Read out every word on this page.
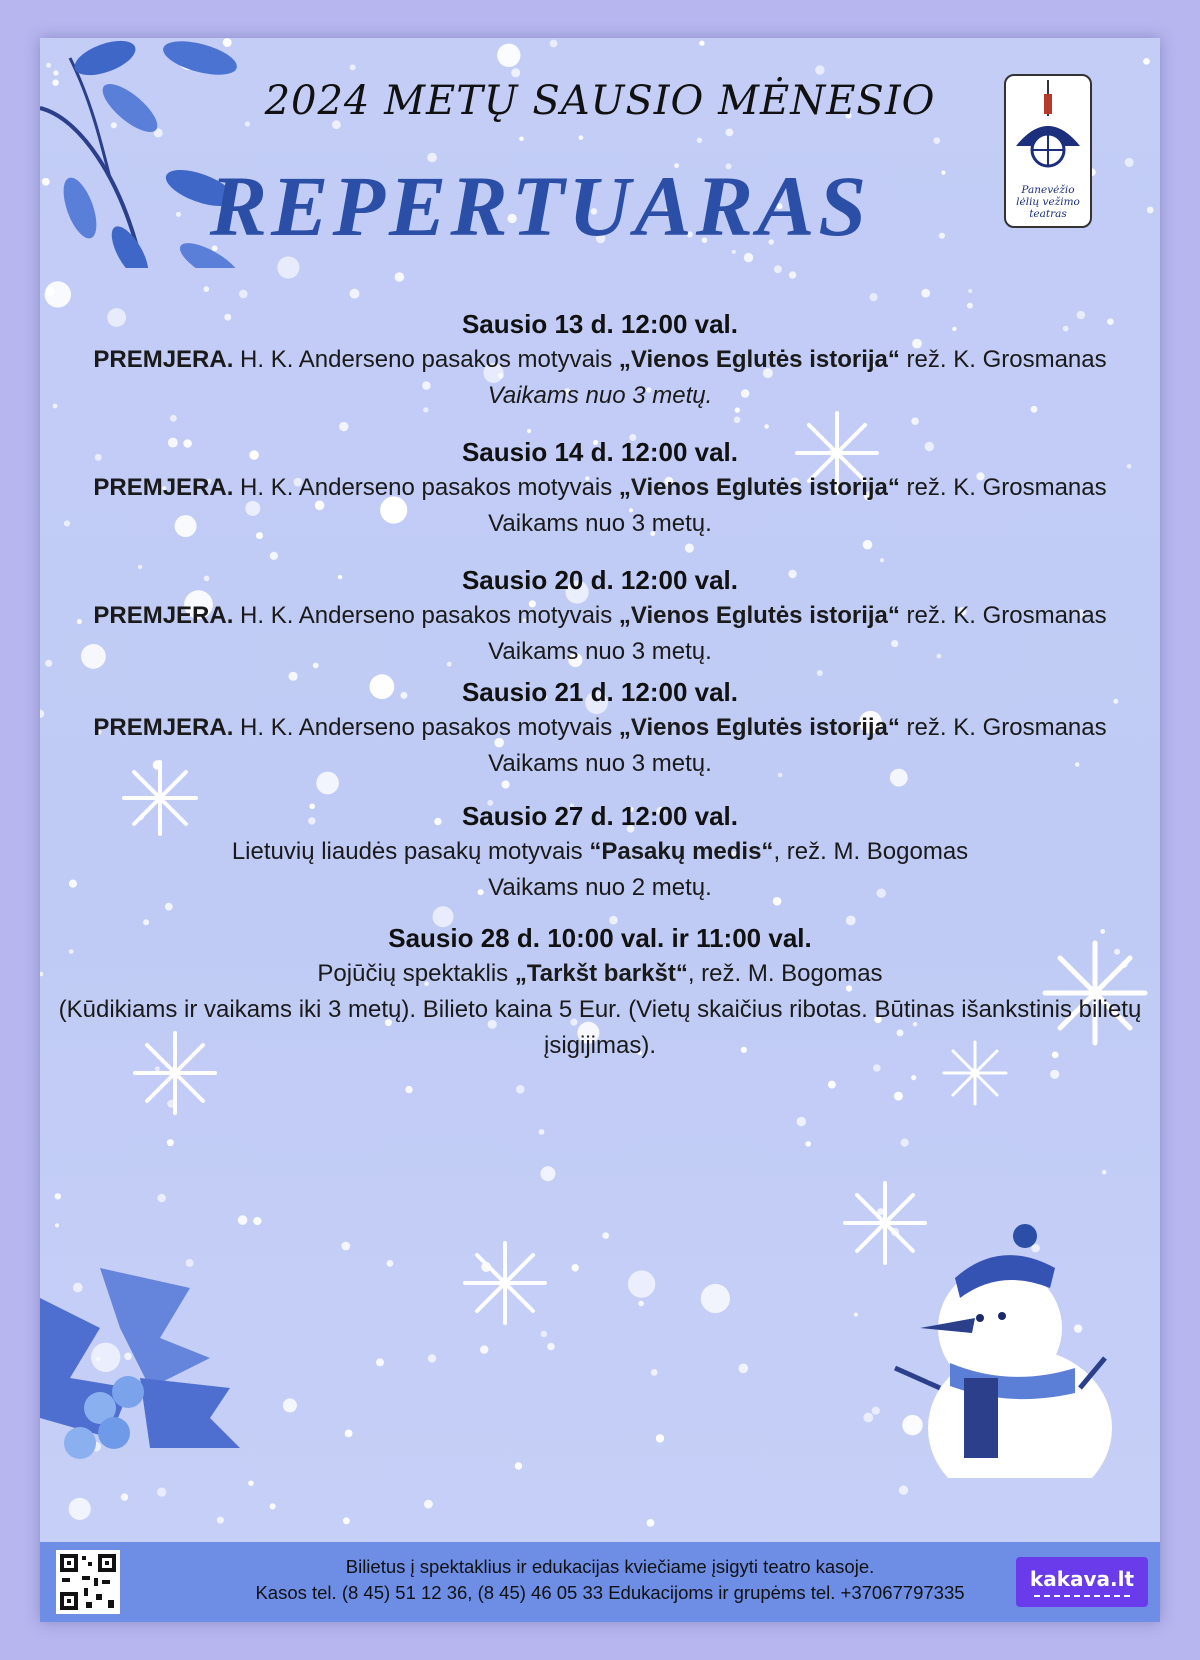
2024 METŲ SAUSIO MĖNESIO
REPERTUARAS	Panevėžio
lėlių vežimo
teatras
Sausio 13 d. 12:00 val.
PREMJERA. H. K. Anderseno pasakos motyvais „Vienos Eglutės istorija“ rež. K. Grosmanas
Vaikams nuo 3 metų.
Sausio 14 d. 12:00 val.
PREMJERA. H. K. Anderseno pasakos motyvais „Vienos Eglutės istorija“ rež. K. Grosmanas
Vaikams nuo 3 metų.
Sausio 20 d. 12:00 val.
PREMJERA. H. K. Anderseno pasakos motyvais „Vienos Eglutės istorija“ rež. K. Grosmanas
Vaikams nuo 3 metų.
Sausio 21 d. 12:00 val.
PREMJERA. H. K. Anderseno pasakos motyvais „Vienos Eglutės istorija“ rež. K. Grosmanas
Vaikams nuo 3 metų.
Sausio 27 d. 12:00 val.
Lietuvių liaudės pasakų motyvais “Pasakų medis“, rež. M. Bogomas
Vaikams nuo 2 metų.
Sausio 28 d. 10:00 val. ir 11:00 val.
Pojūčių spektaklis „Tarkšt barkšt“, rež. M. Bogomas
(Kūdikiams ir vaikams iki 3 metų). Bilieto kaina 5 Eur. (Vietų skaičius ribotas. Būtinas išankstinis bilietų įsigijimas).
Bilietus į spektaklius ir edukacijas kviečiame įsigyti teatro kasoje.
Kasos tel. (8 45) 51 12 36, (8 45) 46 05 33 Edukacijoms ir grupėms tel. +37067797335
kakava.lt
